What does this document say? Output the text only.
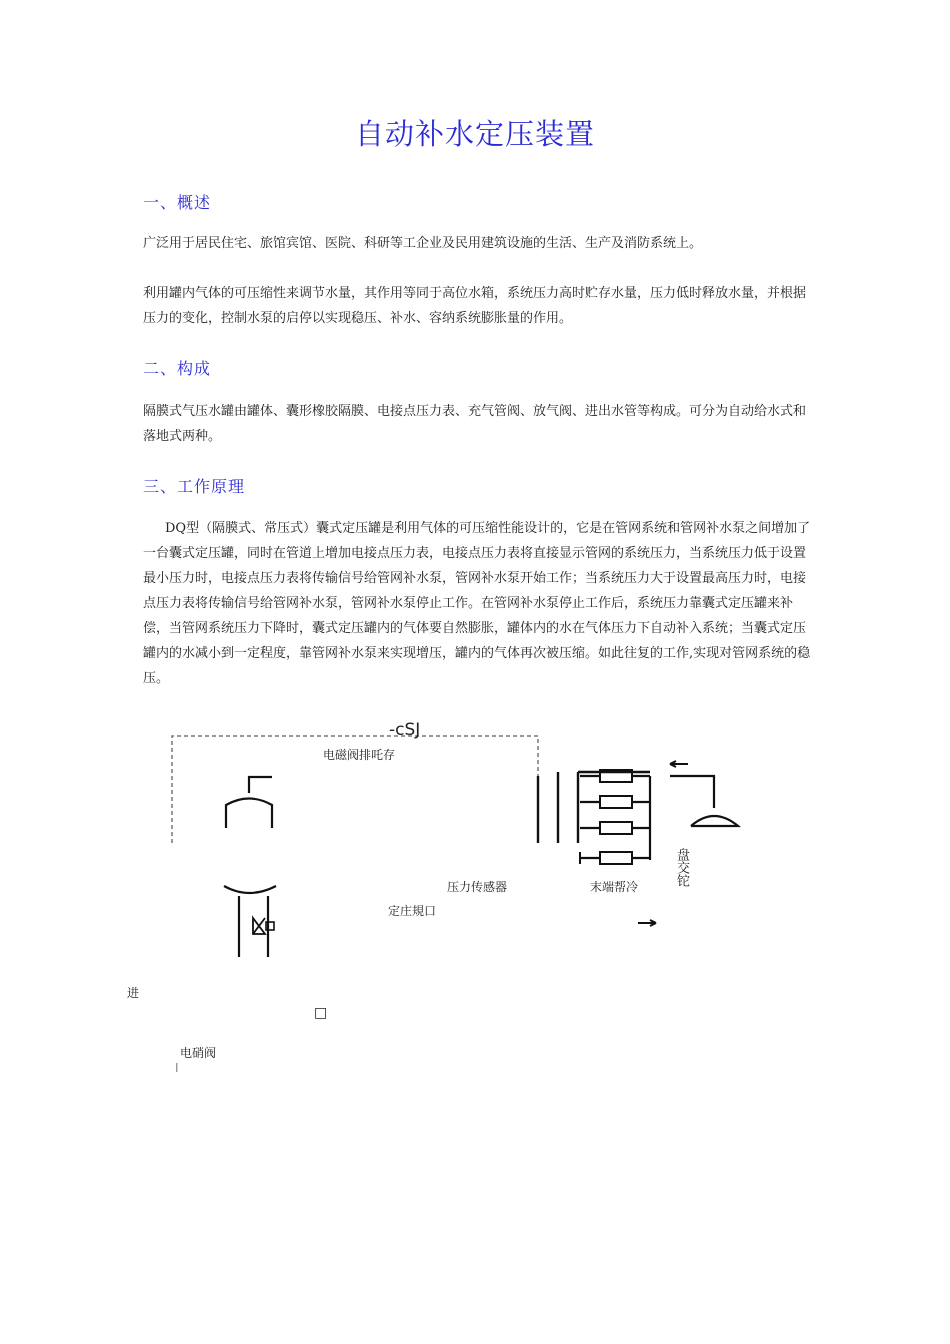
自动补水定压装置
一、概述

广泛用于居民住宅、旅馆宾馆、医院、科研等工企业及民用建筑设施的生活、生产及消防系统上。

利用罐内气体的可压缩性来调节水量，其作用等同于高位水箱，系统压力高时贮存水量，压力低时释放水量，并根据压力的变化，控制水泵的启停以实现稳压、补水、容纳系统膨胀量的作用。

二、构成

隔膜式气压水罐由罐体、囊形橡胶隔膜、电接点压力表、充气管阀、放气阀、进出水管等构成。可分为自动给水式和落地式两种。

三、工作原理

DQ型（隔膜式、常压式）囊式定压罐是利用气体的可压缩性能设计的，它是在管网系统和管网补水泵之间增加了一台囊式定压罐，同时在管道上增加电接点压力表，电接点压力表将直接显示管网的系统压力，当系统压力低于设置最小压力时，电接点压力表将传输信号给管网补水泵，管网补水泵开始工作；当系统压力大于设置最高压力时，电接点压力表将传输信号给管网补水泵，管网补水泵停止工作。在管网补水泵停止工作后，系统压力靠囊式定压罐来补偿，当管网系统压力下降时，囊式定压罐内的气体要自然膨胀，罐体内的水在气体压力下自动补入系统；当囊式定压罐内的水减小到一定程度，靠管网补水泵来实现增压，罐内的气体再次被压缩。如此往复的工作,实现对管网系统的稳压。

-cSJ
电磁阀排吒存
压力传感器	末端帮冷
定庄規口
盘交铊
进
□
电硝阀
I
